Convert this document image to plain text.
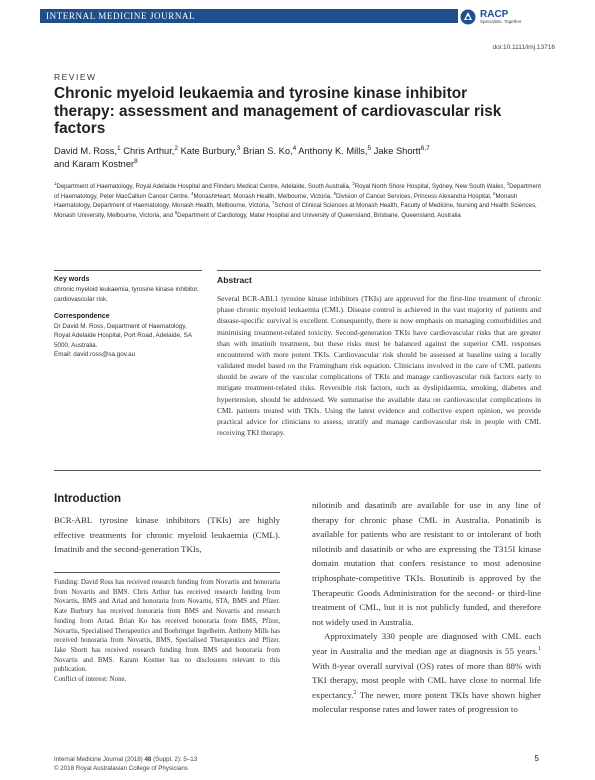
INTERNAL MEDICINE JOURNAL	RACP
Specialists. Together
doi:10.1111/imj.13716
REVIEW
Chronic myeloid leukaemia and tyrosine kinase inhibitor therapy: assessment and management of cardiovascular risk factors
David M. Ross,$^1$ Chris Arthur,$^2$ Kate Burbury,$^3$ Brian S. Ko,$^4$ Anthony K. Mills,$^5$ Jake Shortt$^{6,7}$
and Karam Kostner$^8$
$^1$Department of Haematology, Royal Adelaide Hospital and Flinders Medical Centre, Adelaide, South Australia, $^2$Royal North Shore Hospital, Sydney, New South Wales, $^3$Department of Haematology, Peter MacCallum Cancer Centre, $^4$MonashHeart, Monash Health, Melbourne, Victoria, $^5$Division of Cancer Services, Princess Alexandra Hospital, $^6$Monash Haematology, Department of Haematology, Monash Health, Melbourne, Victoria, $^7$School of Clinical Sciences at Monash Health, Faculty of Medicine, Nursing and Health Sciences, Monash University, Melbourne, Victoria, and $^8$Department of Cardiology, Mater Hospital and University of Queensland, Brisbane, Queensland, Australia
Key words

chronic myeloid leukaemia, tyrosine kinase inhibitor, cardiovascular risk.

Correspondence

Dr David M. Ross, Department of Haematology,
Royal Adelaide Hospital, Port Road, Adelaide, SA
5000, Australia.
Email: david.ross@sa.gov.au

Abstract

Several BCR-ABL1 tyrosine kinase inhibitors (TKIs) are approved for the first-line treatment of chronic phase chronic myeloid leukaemia (CML). Disease control is achieved in the vast majority of patients and disease-specific survival is excellent. Consequently, there is now emphasis on managing comorbidities and minimising treatment-related toxicity. Second-generation TKIs have cardiovascular risks that are greater than with imatinib treatment, but these risks must be balanced against the superior CML responses encountered with more potent TKIs. Cardiovascular risk should be assessed at baseline using a locally validated model based on the Framingham risk equation. Clinicians involved in the care of CML patients should be aware of the vascular complications of TKIs and manage cardiovascular risk factors early to mitigate treatment-related risks. Reversible risk factors, such as dyslipidaemia, smoking, diabetes and hypertension, should be addressed. We summarise the available data on cardiovascular complications in CML patients treated with TKIs. Using the latest evidence and collective expert opinion, we provide practical advice for clinicians to assess, stratify and manage cardiovascular risk in people with CML receiving TKI therapy.

Introduction

BCR-ABL tyrosine kinase inhibitors (TKIs) are highly effective treatments for chronic myeloid leukaemia (CML). Imatinib and the second-generation TKIs,

Funding: David Ross has received research funding from Novartis and honoraria from Novartis and BMS. Chris Arthur has received research funding from Novartis, BMS and Ariad and honoraria from Novartis, STA, BMS and Pfizer. Kate Burbury has received honoraria from BMS and Novartis and research funding from Ariad. Brian Ko has received honoraria from BMS, Pfizer, Novartis, Specialised Therapeutics and Boehringer Ingelheim. Anthony Mills has received honoraria from Novartis, BMS, Specialised Therapeutics and Pfizer. Jake Shortt has received research funding from BMS and honoraria from Novartis and BMS. Karam Kostner has no disclosures relevant to this publication.

Conflict of interest: None.

nilotinib and dasatinib are available for use in any line of therapy for chronic phase CML in Australia. Ponatinib is available for patients who are resistant to or intolerant of both nilotinib and dasatinib or who are expressing the T315I kinase domain mutation that confers resistance to most adenosine triphosphate-competitive TKIs. Bosutinib is approved by the Therapeutic Goods Administration for the second- or third-line treatment of CML, but it is not publicly funded, and therefore not widely used in Australia.

Approximately 330 people are diagnosed with CML each year in Australia and the median age at diagnosis is 55 years.$^1$ With 8-year overall survival (OS) rates of more than 88% with TKI therapy, most people with CML have close to normal life expectancy.$^2$ The newer, more potent TKIs have shown higher molecular response rates and lower rates of progression to

Internal Medicine Journal (2018) 48 (Suppl. 2): 5–13
© 2018 Royal Australasian College of Physicians
5
